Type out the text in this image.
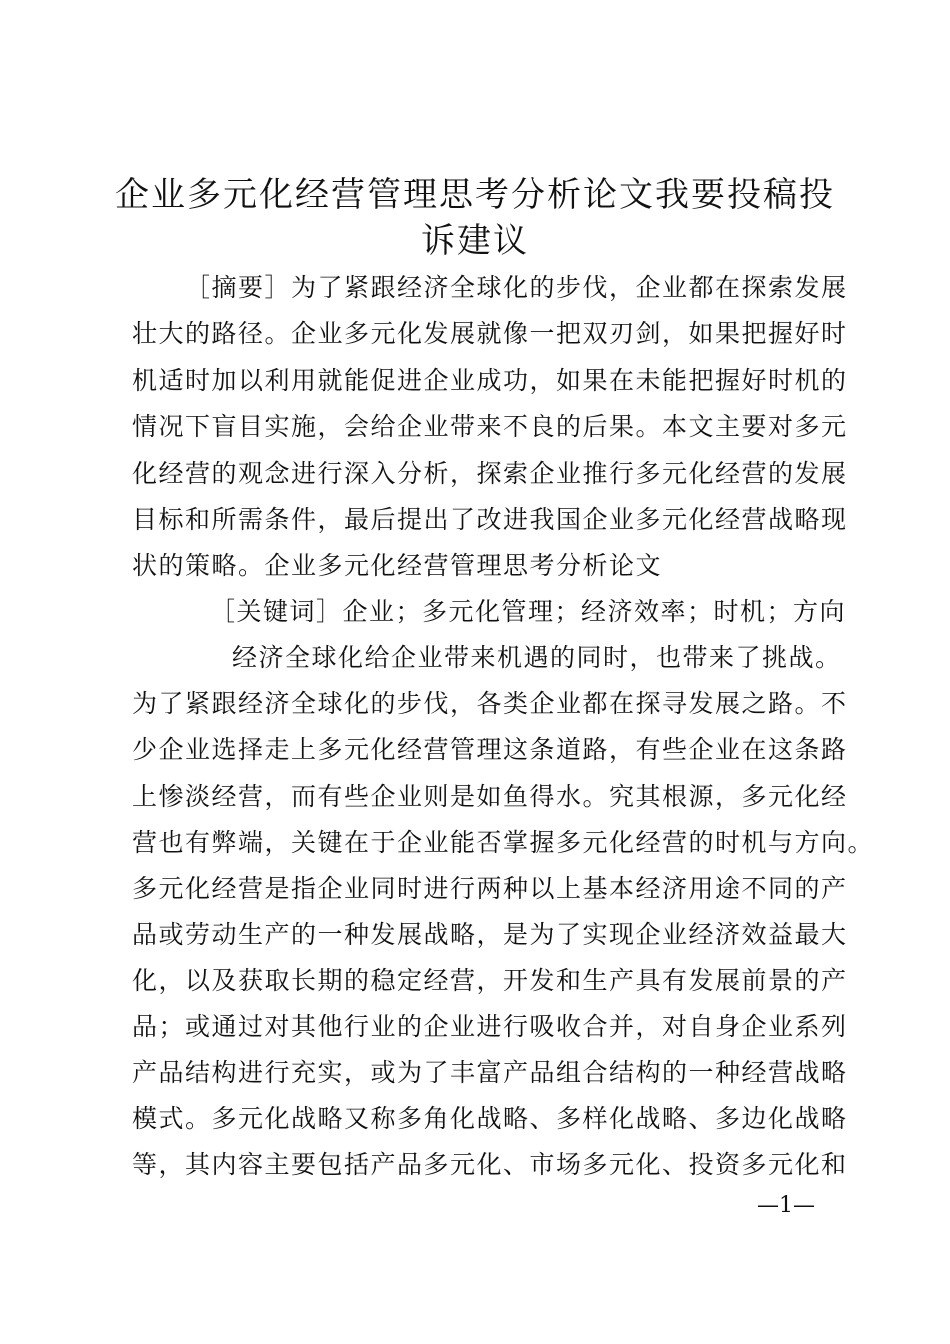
企业多元化经营管理思考分析论文我要投稿投
诉建议
［摘要］为了紧跟经济全球化的步伐，企业都在探索发展
壮大的路径。企业多元化发展就像一把双刃剑，如果把握好时
机适时加以利用就能促进企业成功，如果在未能把握好时机的
情况下盲目实施，会给企业带来不良的后果。本文主要对多元
化经营的观念进行深入分析，探索企业推行多元化经营的发展
目标和所需条件，最后提出了改进我国企业多元化经营战略现
状的策略。企业多元化经营管理思考分析论文
［关键词］企业；多元化管理；经济效率；时机；方向
经济全球化给企业带来机遇的同时，也带来了挑战。
为了紧跟经济全球化的步伐，各类企业都在探寻发展之路。不
少企业选择走上多元化经营管理这条道路，有些企业在这条路
上惨淡经营，而有些企业则是如鱼得水。究其根源，多元化经
营也有弊端，关键在于企业能否掌握多元化经营的时机与方向。
多元化经营是指企业同时进行两种以上基本经济用途不同的产
品或劳动生产的一种发展战略，是为了实现企业经济效益最大
化，以及获取长期的稳定经营，开发和生产具有发展前景的产
品；或通过对其他行业的企业进行吸收合并，对自身企业系列
产品结构进行充实，或为了丰富产品组合结构的一种经营战略
模式。多元化战略又称多角化战略、多样化战略、多边化战略
等，其内容主要包括产品多元化、市场多元化、投资多元化和
—1—
